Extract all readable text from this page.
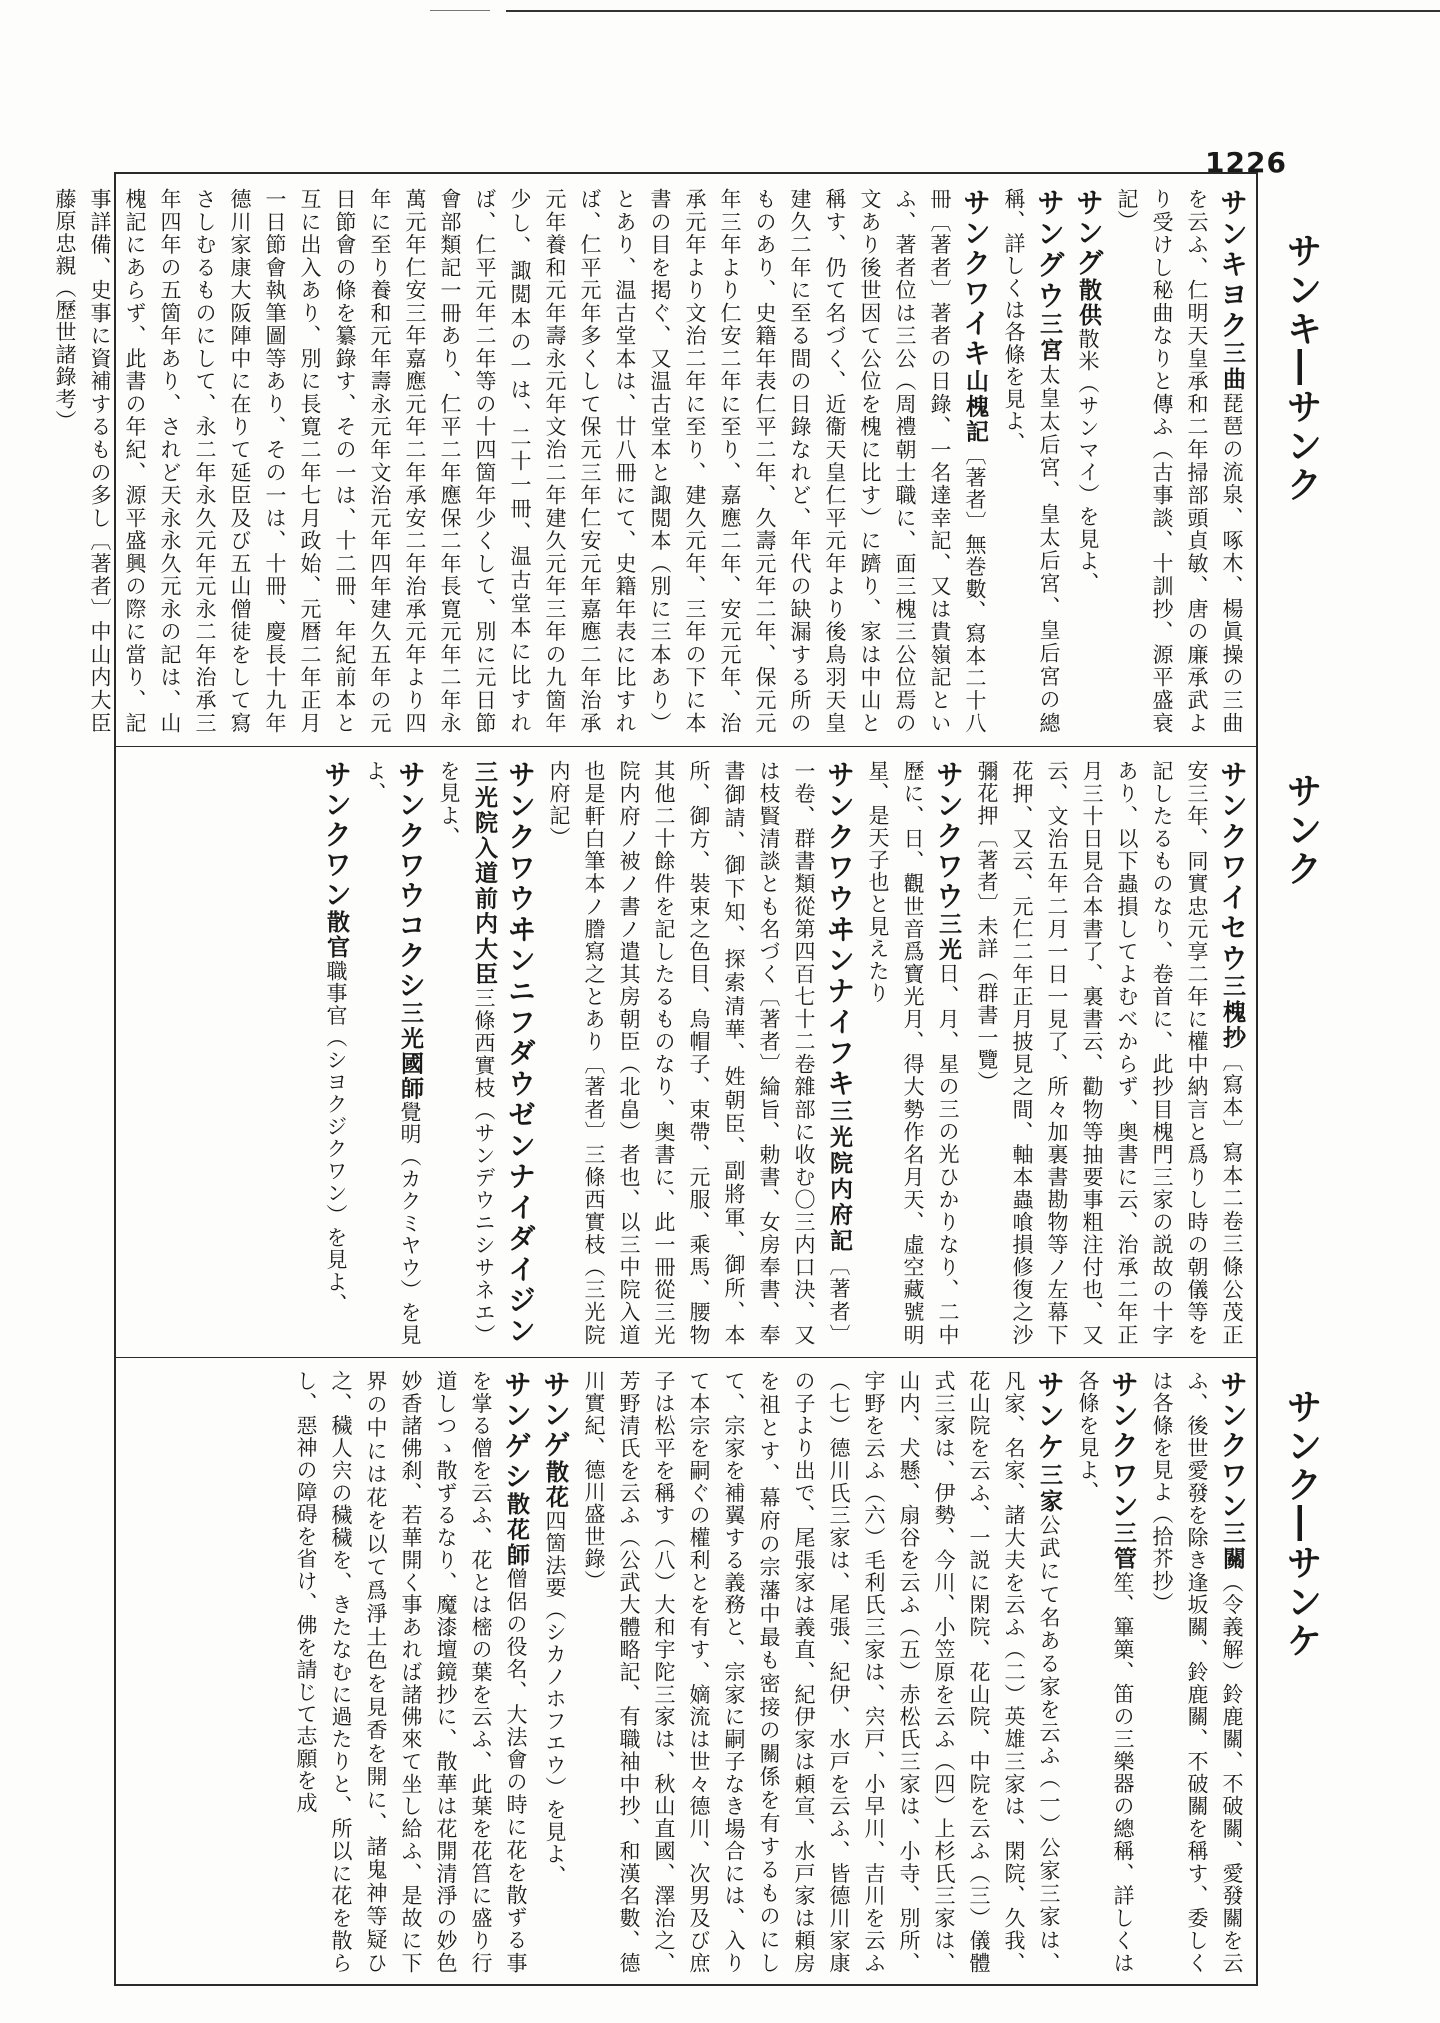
1226
サンキ―サンク
サンク
サンク―サンケ

サンキヨク三曲琵琶の流泉、啄木、楊眞操の三曲を云ふ、仁明天皇承和二年掃部頭貞敏、唐の廉承武より受けし秘曲なりと傳ふ（古事談、十訓抄、源平盛衰記）

サング散供散米（サンマイ）を見よ、

サングウ三宮太皇太后宮、皇太后宮、皇后宮の總稱、詳しくは各條を見よ、

サンクワイキ山槐記〔著者〕無巻數、寫本二十八冊〔著者〕著者の日錄、一名達幸記、又は貴嶺記といふ、著者位は三公（周禮朝士職に、面三槐三公位焉の文あり後世因て公位を槐に比す）に躋り、家は中山と稱す、仍て名づく、近衞天皇仁平元年より後鳥羽天皇建久二年に至る間の日錄なれど、年代の缺漏する所のものあり、史籍年表仁平二年、久壽元年二年、保元元年三年より仁安二年に至り、嘉應二年、安元元年、治承元年より文治二年に至り、建久元年、三年の下に本書の目を掲ぐ、又温古堂本と諏閲本（別に三本あり）とあり、温古堂本は、廿八冊にて、史籍年表に比すれば、仁平元年多くして保元三年仁安元年嘉應二年治承元年養和元年壽永元年文治二年建久元年三年の九箇年少し、諏閲本の一は、二十一冊、温古堂本に比すれば、仁平元年二年等の十四箇年少くして、別に元日節會部類記一冊あり、仁平二年應保二年長寛元年二年永萬元年仁安三年嘉應元年二年承安二年治承元年より四年に至り養和元年壽永元年文治元年四年建久五年の元日節會の條を纂錄す、その一は、十二冊、年紀前本と互に出入あり、別に長寛二年七月政始、元暦二年正月一日節會執筆圖等あり、その一は、十冊、慶長十九年德川家康大阪陣中に在りて延臣及び五山僧徒をして寫さしむるものにして、永二年永久元年元永二年治承三年四年の五箇年あり、されど天永永久元永の記は、山槐記にあらず、此書の年紀、源平盛興の際に當り、記事詳備、史事に資補するもの多し〔著者〕中山内大臣藤原忠親（歷世諸錄考）

サンクワイセウ三槐抄〔寫本〕寫本二卷三條公茂正安三年、同實忠元享二年に權中納言と爲りし時の朝儀等を記したるものなり、卷首に、此抄目槐門三家の説故の十字あり、以下蟲損してよむべからず、奥書に云、治承二年正月三十日見合本書了、裏書云、勸物等抽要事粗注付也、又云、文治五年二月一日一見了、所々加裏書勘物等ノ左幕下花押、又云、元仁二年正月披見之間、軸本蟲喰損修復之沙彌花押〔著者〕未詳（群書一覽）

サンクワウ三光日、月、星の三の光ひかりなり、二中歷に、日、觀世音爲寶光月、得大勢作名月天、虛空藏號明星、是天子也と見えたり

サンクワウヰンナイフキ三光院内府記〔著者〕一卷、群書類從第四百七十二卷雜部に收む〇三内口決、又は枝賢清談とも名づく〔著者〕綸旨、勅書、女房奉書、奉書御請、御下知、探索清華、姓朝臣、副將軍、御所、本所、御方、裝束之色目、烏帽子、束帶、元服、乘馬、腰物其他二十餘件を記したるものなり、奥書に、此一冊從三光院内府ノ被ノ書ノ遣其房朝臣（北畠）者也、以三中院入道也是軒白筆本ノ謄寫之とあり〔著者〕三條西實枝（三光院内府記）

サンクワウヰンニフダウゼンナイダイジン三光院入道前内大臣三條西實枝（サンデウニシサネエ）を見よ、

サンクワウコクシ三光國師覺明（カクミヤウ）を見よ、

サンクワン散官職事官（シヨクジクワン）を見よ、

サンクワン三關（令義解）鈴鹿關、不破關、愛發關を云ふ、後世愛發を除き逢坂關、鈴鹿關、不破關を稱す、委しくは各條を見よ（拾芥抄）

サンクワン三管笙、篳篥、笛の三樂器の總稱、詳しくは各條を見よ、

サンケ三家公武にて名ある家を云ふ（一）公家三家は、凡家、名家、諸大夫を云ふ（二）英雄三家は、閑院、久我、花山院を云ふ、一説に閑院、花山院、中院を云ふ（三）儀體式三家は、伊勢、今川、小笠原を云ふ（四）上杉氏三家は、山内、犬懸、扇谷を云ふ（五）赤松氏三家は、小寺、別所、宇野を云ふ（六）毛利氏三家は、宍戸、小早川、吉川を云ふ（七）德川氏三家は、尾張、紀伊、水戸を云ふ、皆德川家康の子より出で、尾張家は義直、紀伊家は頼宣、水戸家は頼房を祖とす、幕府の宗藩中最も密接の關係を有するものにして、宗家を補翼する義務と、宗家に嗣子なき場合には、入りて本宗を嗣ぐの權利とを有す、嫡流は世々德川、次男及び庶子は松平を稱す（八）大和宇陀三家は、秋山直國、澤治之、芳野清氏を云ふ（公武大體略記、有職袖中抄、和漢名數、德川實紀、德川盛世錄）

サンゲ散花四箇法要（シカノホフエウ）を見よ、

サンゲシ散花師僧侶の役名、大法會の時に花を散ずる事を掌る僧を云ふ、花とは樒の葉を云ふ、此葉を花筥に盛り行道しつゝ散ずるなり、魔漆壇鏡抄に、散華は花開清淨の妙色妙香諸佛刹、若華開く事あれば諸佛來て坐し給ふ、是故に下界の中には花を以て爲淨土色を見香を開に、諸鬼神等疑ひ之、穢人宍の穢穢を、きたなむに過たりと、所以に花を散らし、惡神の障碍を省け、佛を請じて志願を成
